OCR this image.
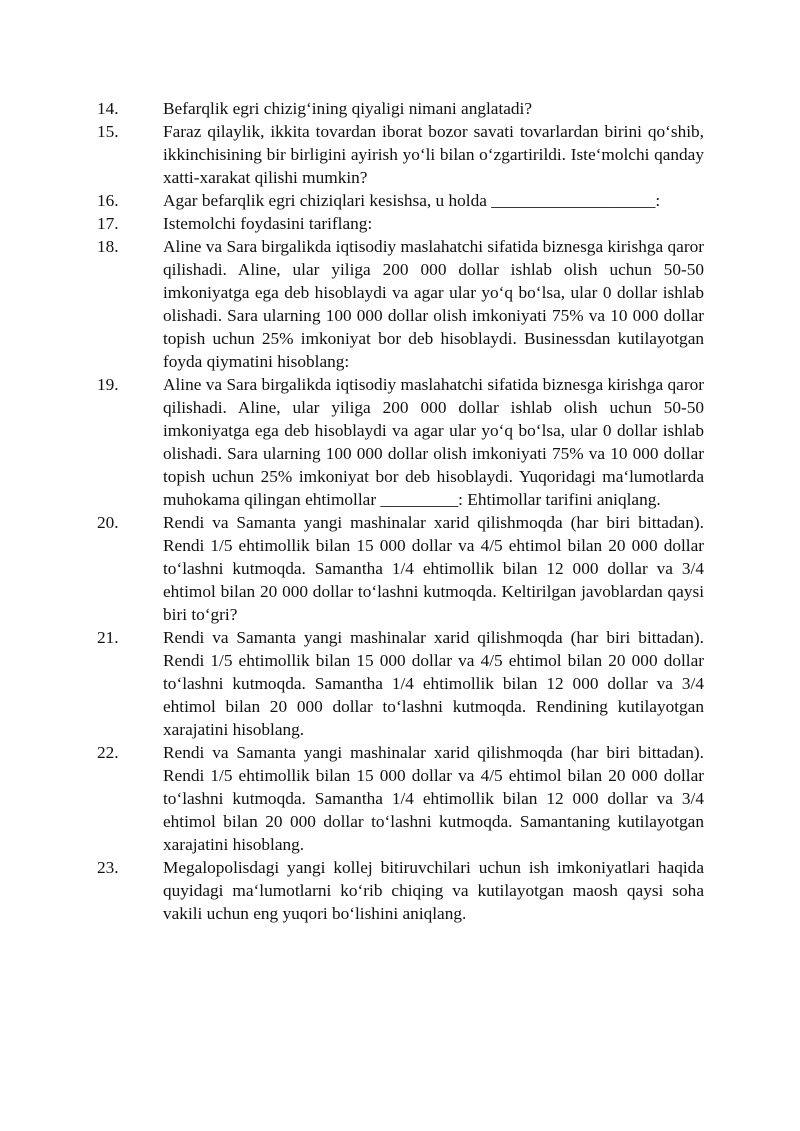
14.	Befarqlik egri chizig‘ining qiyaligi nimani anglatadi?
15.	Faraz qilaylik, ikkita tovardan iborat bozor savati tovarlardan birini qo‘shib, ikkinchisining bir birligini ayirish yo‘li bilan o‘zgartirildi. Iste‘molchi qanday xatti-xarakat qilishi mumkin?
16.	Agar befarqlik egri chiziqlari kesishsa, u holda ___________________:
17.	Istemolchi foydasini tariflang:
18.	Aline va Sara birgalikda iqtisodiy maslahatchi sifatida biznesga kirishga qaror qilishadi. Aline, ular yiliga 200 000 dollar ishlab olish uchun 50-50 imkoniyatga ega deb hisoblaydi va agar ular yo‘q bo‘lsa, ular 0 dollar ishlab olishadi. Sara ularning 100 000 dollar olish imkoniyati 75% va 10 000 dollar topish uchun 25% imkoniyat bor deb hisoblaydi. Businessdan kutilayotgan foyda qiymatini hisoblang:
19.	Aline va Sara birgalikda iqtisodiy maslahatchi sifatida biznesga kirishga qaror qilishadi. Aline, ular yiliga 200 000 dollar ishlab olish uchun 50-50 imkoniyatga ega deb hisoblaydi va agar ular yo‘q bo‘lsa, ular 0 dollar ishlab olishadi. Sara ularning 100 000 dollar olish imkoniyati 75% va 10 000 dollar topish uchun 25% imkoniyat bor deb hisoblaydi. Yuqoridagi ma‘lumotlarda muhokama qilingan ehtimollar _________: Ehtimollar tarifini aniqlang.
20.	Rendi va Samanta yangi mashinalar xarid qilishmoqda (har biri bittadan). Rendi 1/5 ehtimollik bilan 15 000 dollar va 4/5 ehtimol bilan 20 000 dollar to‘lashni kutmoqda. Samantha 1/4 ehtimollik bilan 12 000 dollar va 3/4 ehtimol bilan 20 000 dollar to‘lashni kutmoqda. Keltirilgan javoblardan qaysi biri to‘gri?
21.	Rendi va Samanta yangi mashinalar xarid qilishmoqda (har biri bittadan). Rendi 1/5 ehtimollik bilan 15 000 dollar va 4/5 ehtimol bilan 20 000 dollar to‘lashni kutmoqda. Samantha 1/4 ehtimollik bilan 12 000 dollar va 3/4 ehtimol bilan 20 000 dollar to‘lashni kutmoqda. Rendining kutilayotgan xarajatini hisoblang.
22.	Rendi va Samanta yangi mashinalar xarid qilishmoqda (har biri bittadan). Rendi 1/5 ehtimollik bilan 15 000 dollar va 4/5 ehtimol bilan 20 000 dollar to‘lashni kutmoqda. Samantha 1/4 ehtimollik bilan 12 000 dollar va 3/4 ehtimol bilan 20 000 dollar to‘lashni kutmoqda. Samantaning kutilayotgan xarajatini hisoblang.
23.	Megalopolisdagi yangi kollej bitiruvchilari uchun ish imkoniyatlari haqida quyidagi ma‘lumotlarni ko‘rib chiqing va kutilayotgan maosh qaysi soha vakili uchun eng yuqori bo‘lishini aniqlang.
